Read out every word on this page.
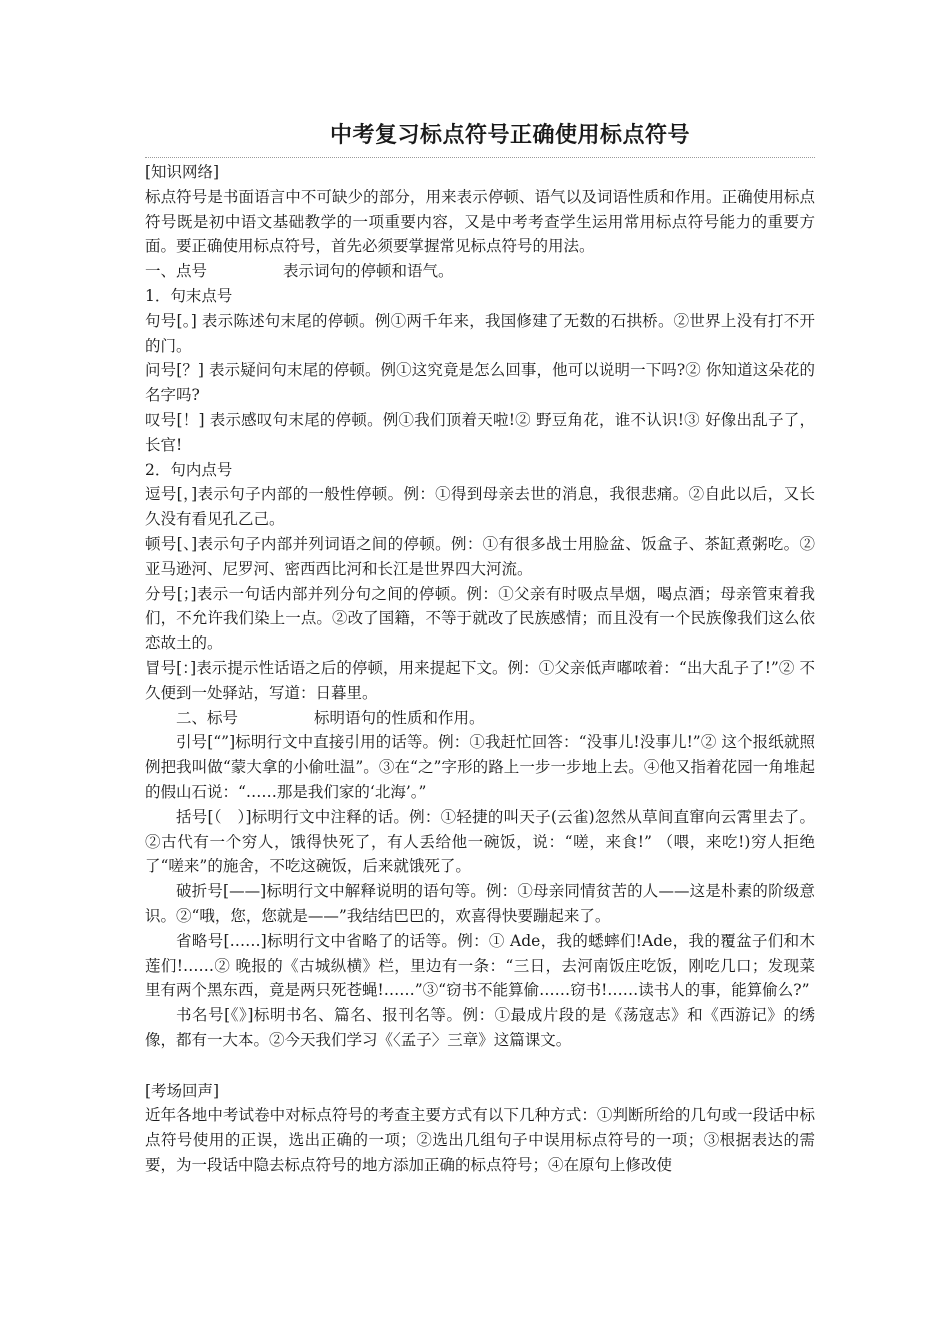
中考复习标点符号正确使用标点符号

[知识网络]

标点符号是书面语言中不可缺少的部分，用来表示停顿、语气以及词语性质和作用。正确使用标点符号既是初中语文基础教学的一项重要内容，又是中考考查学生运用常用标点符号能力的重要方面。要正确使用标点符号，首先必须要掌握常见标点符号的用法。

一、点号	表示词句的停顿和语气。

1．句末点号

句号[。] 表示陈述句末尾的停顿。例①两千年来，我国修建了无数的石拱桥。②世界上没有打不开的门。

问号[？] 表示疑问句末尾的停顿。例①这究竟是怎么回事，他可以说明一下吗?② 你知道这朵花的名字吗?

叹号[！] 表示感叹句末尾的停顿。例①我们顶着天啦!② 野豆角花，谁不认识!③ 好像出乱子了，长官!

2．句内点号

逗号[，]表示句子内部的一般性停顿。例：①得到母亲去世的消息，我很悲痛。②自此以后，又长久没有看见孔乙己。

顿号[、]表示句子内部并列词语之间的停顿。例：①有很多战士用脸盆、饭盒子、茶缸煮粥吃。②亚马逊河、尼罗河、密西西比河和长江是世界四大河流。

分号[；]表示一句话内部并列分句之间的停顿。例：①父亲有时吸点旱烟，喝点酒；母亲管束着我们，不允许我们染上一点。②改了国籍，不等于就改了民族感情；而且没有一个民族像我们这么依恋故土的。

冒号[：]表示提示性话语之后的停顿，用来提起下文。例：①父亲低声嘟哝着：“出大乱子了!”② 不久便到一处驿站，写道：日暮里。

二、标号	标明语句的性质和作用。

引号[“”]标明行文中直接引用的话等。例：①我赶忙回答：“没事儿!没事儿!”② 这个报纸就照例把我叫做“蒙大拿的小偷吐温”。③在“之”字形的路上一步一步地上去。④他又指着花园一角堆起的假山石说：“……那是我们家的‘北海’。”

括号[（　）]标明行文中注释的话。例：①轻捷的叫天子(云雀)忽然从草间直窜向云霄里去了。②古代有一个穷人，饿得快死了，有人丢给他一碗饭，说：“嗟，来食!” （喂，来吃!)穷人拒绝了“嗟来”的施舍，不吃这碗饭，后来就饿死了。

破折号[——]标明行文中解释说明的语句等。例：①母亲同情贫苦的人——这是朴素的阶级意识。②“哦，您，您就是——”我结结巴巴的，欢喜得快要蹦起来了。

省略号[……]标明行文中省略了的话等。例：① Ade，我的蟋蟀们!Ade，我的覆盆子们和木莲们!……② 晚报的《古城纵横》栏，里边有一条：“三日，去河南饭庄吃饭，刚吃几口；发现菜里有两个黑东西，竟是两只死苍蝇!……”③“窃书不能算偷……窃书!……读书人的事，能算偷么?”

书名号[《》]标明书名、篇名、报刊名等。例：①最成片段的是《荡寇志》和《西游记》的绣像，都有一大本。②今天我们学习《〈孟子〉三章》这篇课文。

[考场回声]

近年各地中考试卷中对标点符号的考查主要方式有以下几种方式：①判断所给的几句或一段话中标点符号使用的正误，选出正确的一项；②选出几组句子中误用标点符号的一项；③根据表达的需要，为一段话中隐去标点符号的地方添加正确的标点符号；④在原句上修改使
